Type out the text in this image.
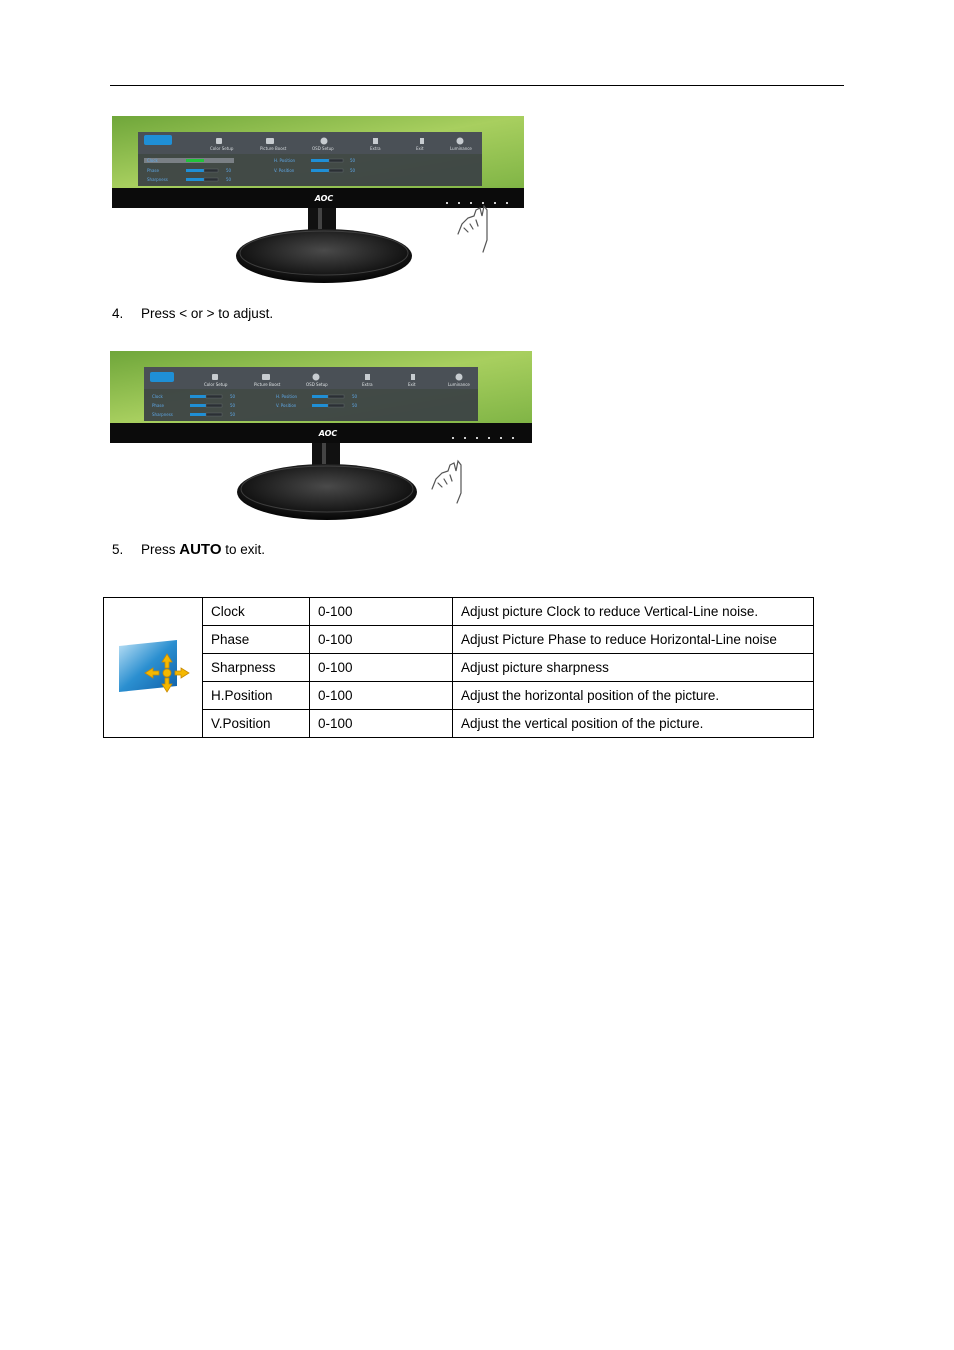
Color Setup	Picture Boost	OSD Setup	Extra	Exit	Luminance
Clock
Phase
Sharpness
H. Position
V. Position
50
50
50
50
AOC
4. Press < or > to adjust.
Color Setup	Picture Boost	OSD Setup	Extra	Exit	Luminance
Clock
Phase
Sharpness
H. Position
V. Position
50
50
50
50
50
AOC
5. Press AUTO to exit.
	Clock	0-100	Adjust picture Clock to reduce Vertical-Line noise.
	Phase	0-100	Adjust Picture Phase to reduce Horizontal-Line noise
	Sharpness	0-100	Adjust picture sharpness
	H.Position	0-100	Adjust the horizontal position of the picture.
	V.Position	0-100	Adjust the vertical position of the picture.
